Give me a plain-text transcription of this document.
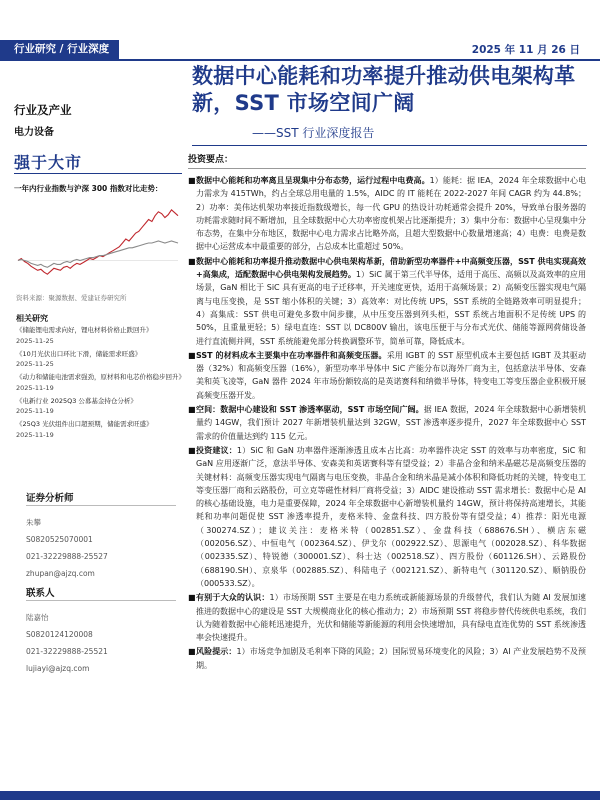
行业研究 / 行业深度	2025 年 11 月 26 日
数据中心能耗和功率提升推动供电架构革新，SST 市场空间广阔
——SST 行业深度报告
行业及产业
电力设备
强于大市
一年内行业指数与沪深 300 指数对比走势：
资料来源：聚源数据、爱建证券研究所
相关研究
《储能锂电需求向好，锂电材料价格止跌回升》
2025-11-25
《10月光伏出口环比下滑，储能需求旺盛》
2025-11-25
《动力和储能电池需求强劲，原材料和电芯价格稳步回升》
2025-11-19
《电新行业 2025Q3 公募基金持仓分析》
2025-11-19
《25Q3 光伏组件出口超预期，储能需求旺盛》
2025-11-19
证券分析师
朱攀
S0820525070001
021-32229888-25527
zhupan@ajzq.com
联系人
陆嘉怡
S0820124120008
021-32229888-25521
lujiayi@ajzq.com
投资要点：
■ 数据中心能耗和功率离且呈现集中分布态势，运行过程中电费高。1）能耗：据 IEA，2024 年全球数据中心电力需求为 415TWh，约占全球总用电量的 1.5%，AIDC 的 IT 能耗在 2022-2027 年间 CAGR 约为 44.8%；2）功率：美伟达机架功率接近指数级增长，每一代 GPU 的热设计功耗通常会提升 20%，导致单台服务器的功耗需求随时间不断增加，且全球数据中心大功率密度机架占比逐渐提升；3）集中分布：数据中心呈现集中分布态势，在集中分布地区，数据中心电力需求占比略外高，且超大型数据中心数量增速高；4）电费：电费是数据中心运营成本中最重要的部分，占总成本比重超过 50%。
■ 数据中心能耗和功率提升推动数据中心供电架构革新，借助新型功率器件+中高频变压器，SST 供电实现高效+高集成，适配数据中心供电架构发展趋势。1）SiC 属于第三代半导体，适用于高压、高频以及高效率的应用场景，GaN 相比于 SiC 具有更高的电子迁移率，开关速度更快，适用于高频场景；2）高频变压器实现电气隔离与电压变换，是 SST 缩小体积的关键；3）高效率：对比传统 UPS，SST 系统的全链路效率可明显提升；4）高集成：SST 供电可避免多数中间步骤，从中压变压器到列头柜，SST 系统占地面积不足传统 UPS 的 50%，且重量更轻；5）绿电直连：SST 以 DC800V 输出，该电压便于与分布式光伏、储能等源网荷储设备进行直流侧并网，SST 系统能避免部分转换调整环节，简单可靠，降低成本。
■ SST 的材料成本主要集中在功率器件和高频变压器。采用 IGBT 的 SST 原型机成本主要包括 IGBT 及其驱动器（32%）和高频变压器（16%），新型功率半导体中 SiC 产能分布以海外厂商为主，包括意法半导体、安森美和英飞凌等，GaN 器件 2024 年市场份额较高的是英诺赛科和纳微半导体，特变电工等变压器企业积极开展高频变压器开发。
■ 空间：数据中心建设和 SST 渗透率驱动，SST 市场空间广阔。据 IEA 数据，2024 年全球数据中心新增装机量约 14GW，我们预计 2027 年新增装机量达到 32GW，SST 渗透率逐步提升，2027 年全球数据中心 SST 需求的价值量达到约 115 亿元。
■ 投资建议：1）SiC 和 GaN 功率器件逐渐渗透且成本占比高：功率器件决定 SST 的效率与功率密度，SiC 和 GaN 应用逐渐广泛，意法半导体、安森美和英诺赛科等有望受益；2）非晶合金和纳米晶磁芯是高频变压器的关键材料：高频变压器实现电气隔离与电压变换，非晶合金和纳米晶是减小体积和降低功耗的关键，特变电工等变压器厂商和云路股份，可立克等磁性材料厂商将受益；3）AIDC 建设推动 SST 需求增长：数据中心是 AI 的核心基础设施，电力是重要保障，2024 年全球数据中心新增装机量约 14GW，预计将保持高速增长，其能耗和功率问题促使 SST 渗透率提升，麦格米特、金盘科技、四方股份等有望受益；4）推荐：阳光电源（300274.SZ）；建议关注：麦格米特（002851.SZ）、金盘科技（688676.SH）、横店东磁（002056.SZ）、中恒电气（002364.SZ）、伊戈尔（002922.SZ）、思源电气（002028.SZ）、科华数据（002335.SZ）、特锐德（300001.SZ）、科士达（002518.SZ）、四方股份（601126.SH）、云路股份（688190.SH）、京泉华（002885.SZ）、科陆电子（002121.SZ）、新特电气（301120.SZ）、顺钠股份（000533.SZ）。
■ 有别于大众的认识：1）市场预期 SST 主要是在电力系统或新能源场景的升级替代，我们认为随 AI 发展加速推进的数据中心的建设是 SST 大规模商业化的核心推动力；2）市场预期 SST 将稳步替代传统供电系统，我们认为随着数据中心能耗迅速提升，光伏和储能等新能源的利用会快速增加，具有绿电直连优势的 SST 系统渗透率会快速提升。
■ 风险提示：1）市场竞争加剧及毛利率下降的风险；2）国际贸易环境变化的风险；3）AI 产业发展趋势不及预期。
